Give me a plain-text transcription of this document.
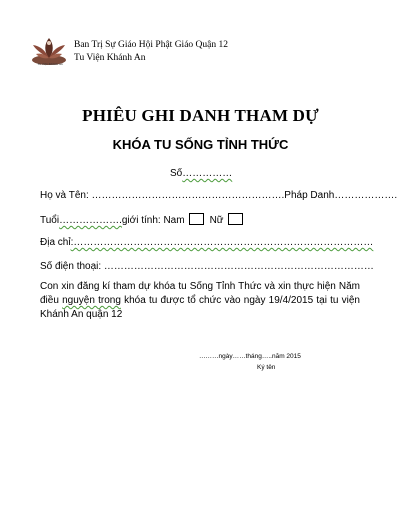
Tu viện Khánh An
Ban Trị Sự Giáo Hội Phật Giáo Quận 12
Tu Viện Khánh An
PHIÊU GHI DANH THAM DỰ
KHÓA TU SỐNG TỈNH THỨC
Số……………
Họ và Tên: ………………………………………………….Pháp Danh……………….
Tuổi……………….giới tính: Nam	Nữ
Địa chỉ:………………………………………………………………………………
Số điện thoại: ………………………………………………………………………
Con xin đăng kí tham dự khóa tu Sống Tỉnh Thức và xin thực hiện Năm điều nguyện trong khóa tu được tổ chức vào ngày 19/4/2015 tại tu viện Khánh An quận 12
………ngày……tháng…..năm 2015
Ký tên
